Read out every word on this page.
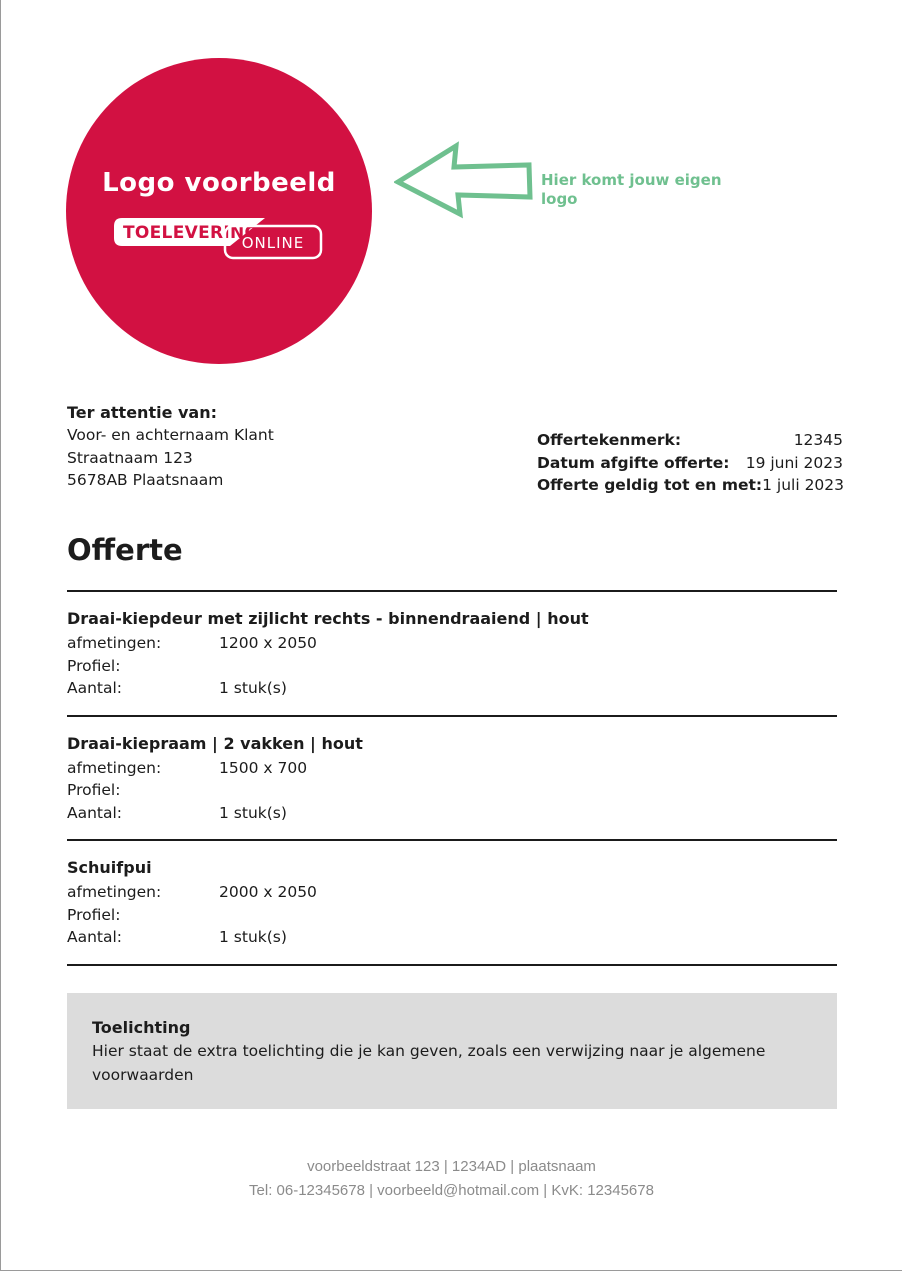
Logo voorbeeld
TOELEVERING
ONLINE
Hier komt jouw eigen logo
Ter attentie van:
Voor- en achternaam Klant
Straatnaam 123
5678AB Plaatsnaam
Offertekenmerk:	12345
Datum afgifte offerte: 19 juni 2023
Offerte geldig tot en met: 1 juli 2023
Offerte
Draai-kiepdeur met zijlicht rechts - binnendraaiend | hout
afmetingen:	1200 x 2050
Profiel:
Aantal:	1 stuk(s)
Draai-kiepraam | 2 vakken | hout
afmetingen:	1500 x 700
Profiel:
Aantal:	1 stuk(s)
Schuifpui
afmetingen:	2000 x 2050
Profiel:
Aantal:	1 stuk(s)
Toelichting
Hier staat de extra toelichting die je kan geven, zoals een verwijzing naar je algemene voorwaarden
voorbeeldstraat 123 | 1234AD | plaatsnaam
Tel: 06-12345678 | voorbeeld@hotmail.com | KvK: 12345678
